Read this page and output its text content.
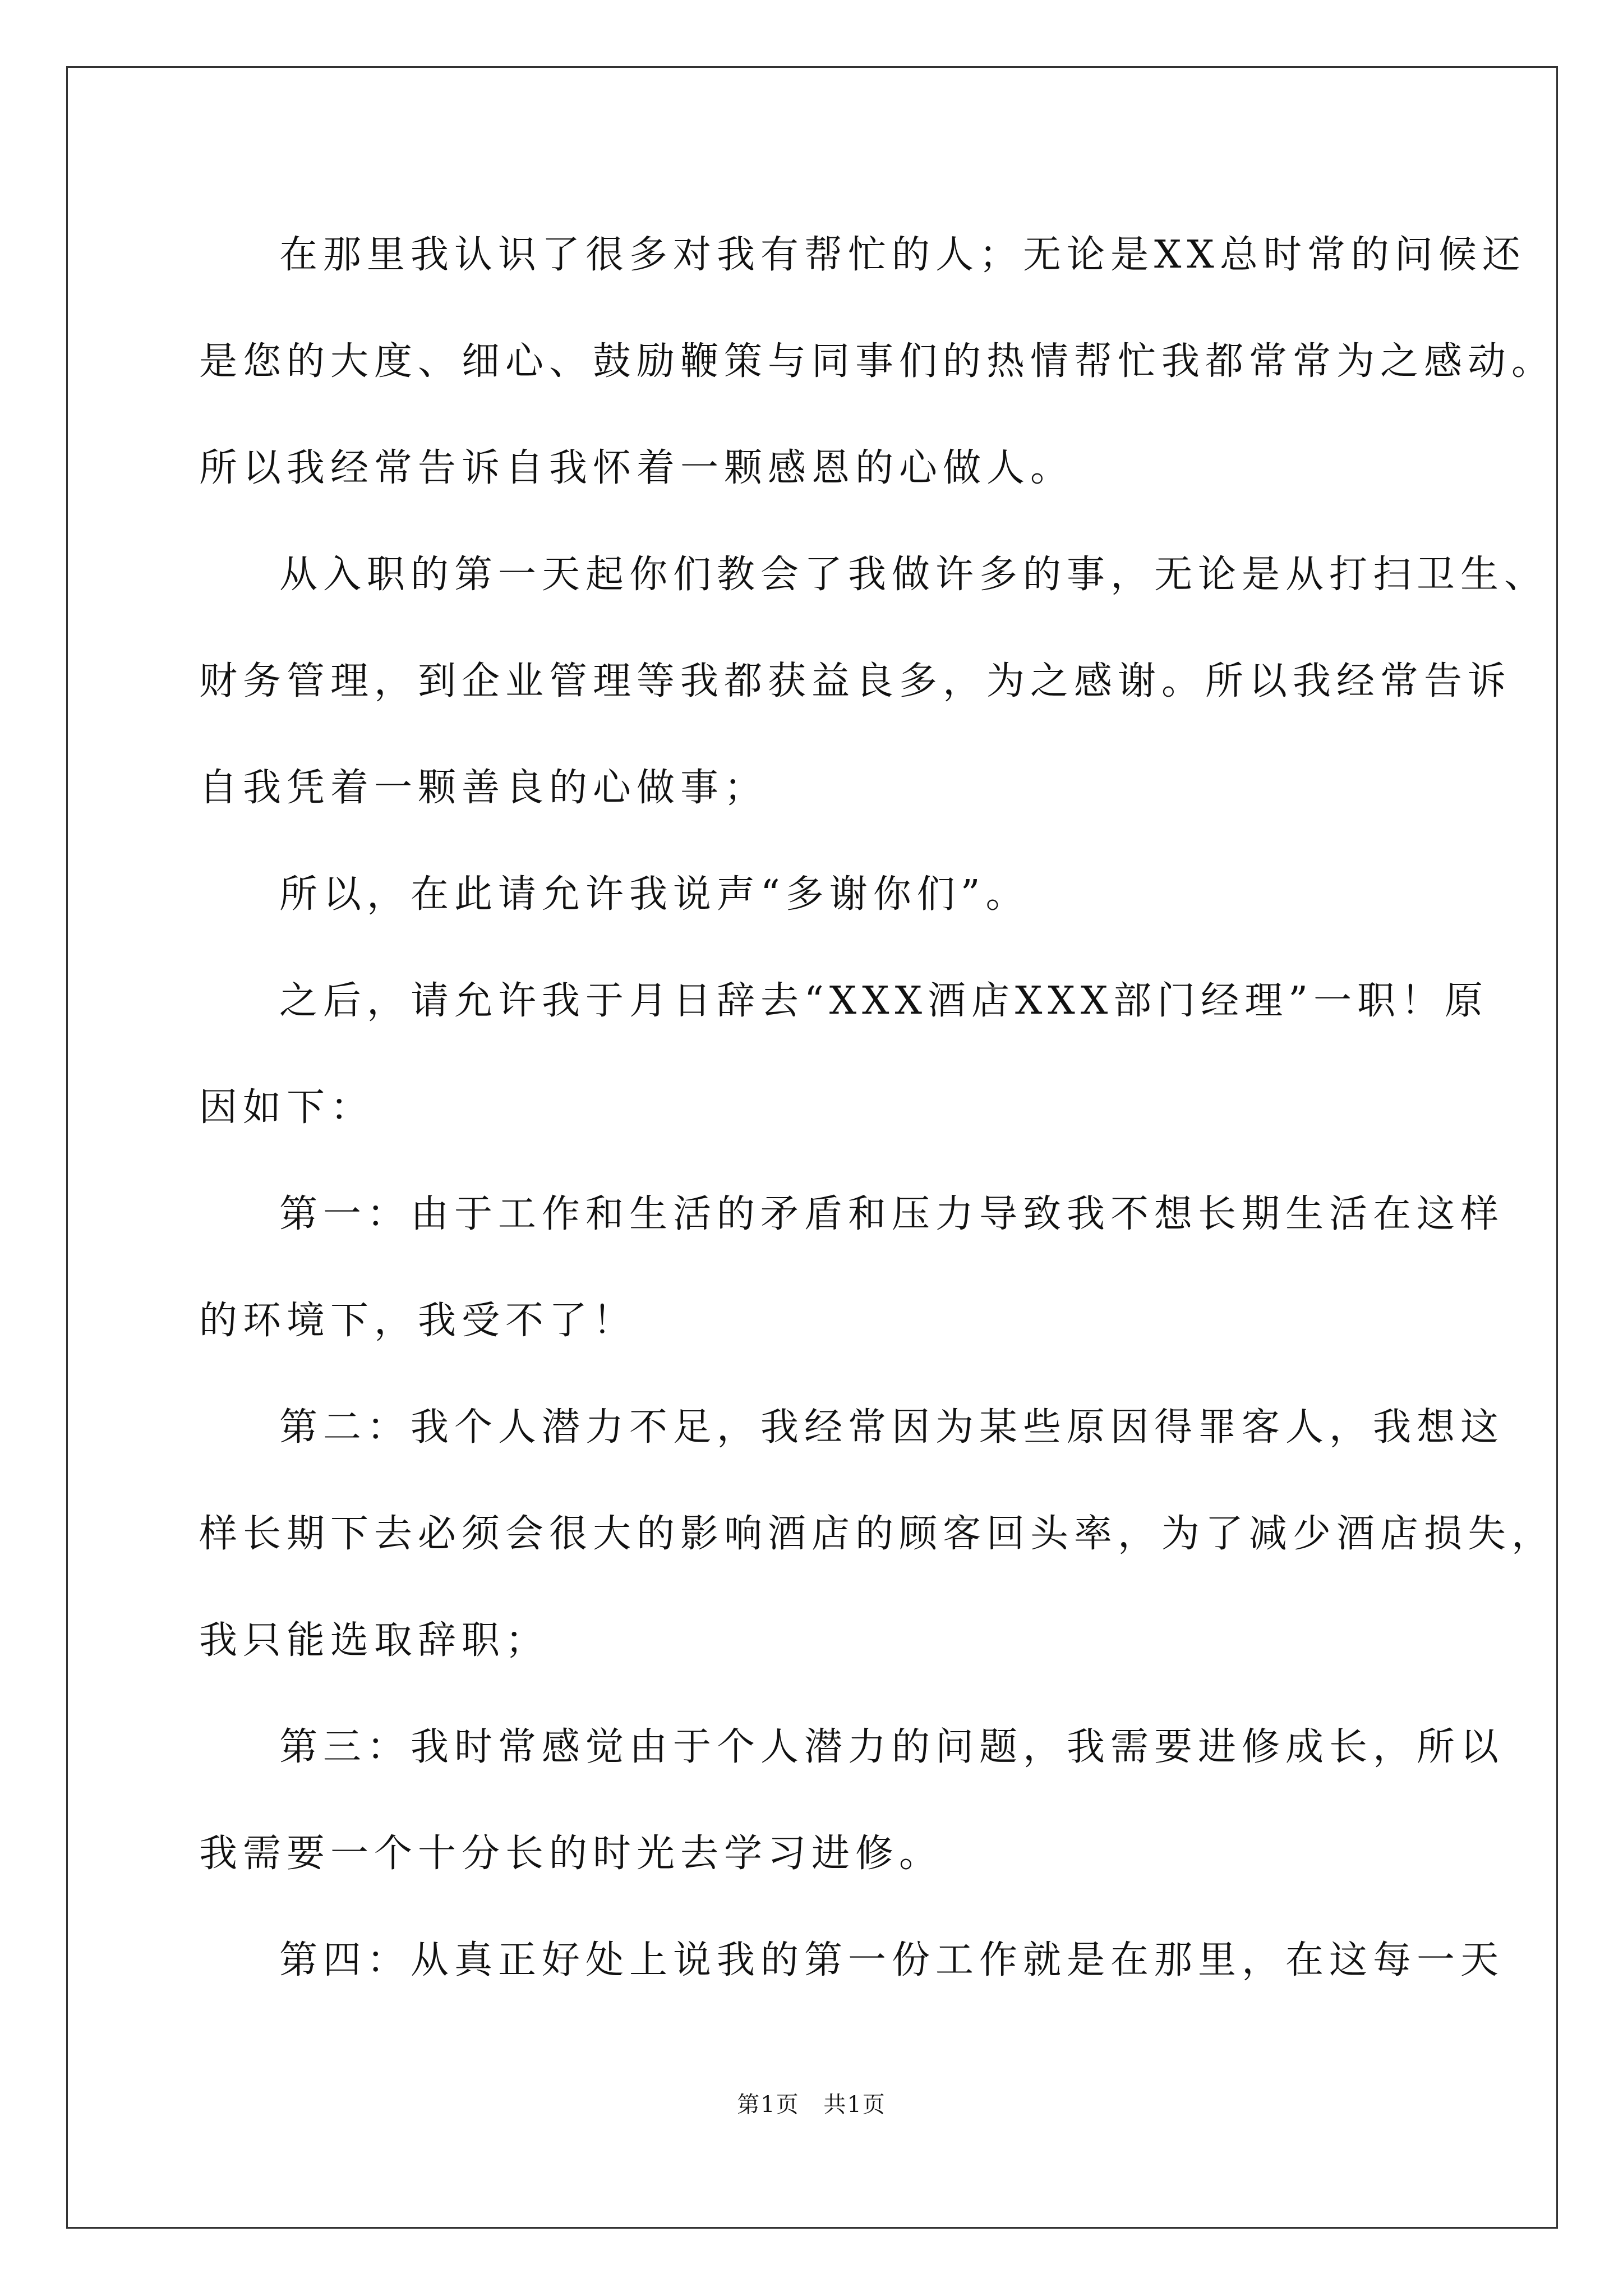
在那里我认识了很多对我有帮忙的人；无论是XX总时常的问候还
是您的大度、细心、鼓励鞭策与同事们的热情帮忙我都常常为之感动。
所以我经常告诉自我怀着一颗感恩的心做人。
从入职的第一天起你们教会了我做许多的事，无论是从打扫卫生、
财务管理，到企业管理等我都获益良多，为之感谢。所以我经常告诉
自我凭着一颗善良的心做事；
所以，在此请允许我说声“多谢你们”。
之后，请允许我于月日辞去“XXX酒店XXX部门经理”一职！原
因如下：
第一：由于工作和生活的矛盾和压力导致我不想长期生活在这样
的环境下，我受不了！
第二：我个人潜力不足，我经常因为某些原因得罪客人，我想这
样长期下去必须会很大的影响酒店的顾客回头率，为了减少酒店损失，
我只能选取辞职；
第三：我时常感觉由于个人潜力的问题，我需要进修成长，所以
我需要一个十分长的时光去学习进修。
第四：从真正好处上说我的第一份工作就是在那里，在这每一天
第1页 共1页
